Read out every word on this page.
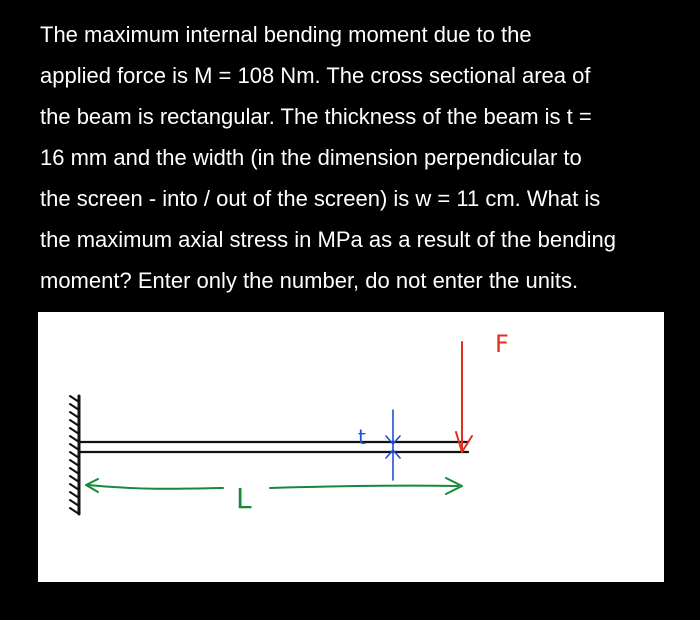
The maximum internal bending moment due to the
applied force is M = 108 Nm. The cross sectional area of
the beam is rectangular. The thickness of the beam is t =
16 mm and the width (in the dimension perpendicular to
the screen - into / out of the screen) is w = 11 cm. What is
the maximum axial stress in MPa as a result of the bending
moment? Enter only the number, do not enter the units.

F
t
L
